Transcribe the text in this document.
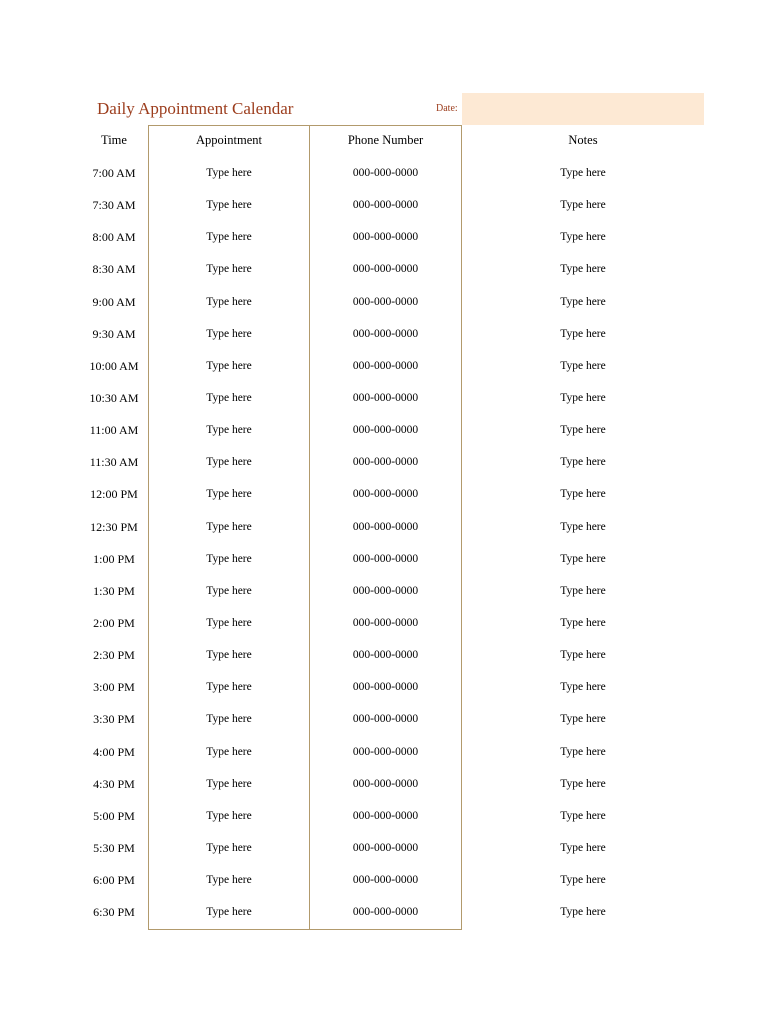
Daily Appointment Calendar	Date:
Time	Appointment	Phone Number	Notes
7:00 AM	Type here	000-000-0000	Type here
7:30 AM	Type here	000-000-0000	Type here
8:00 AM	Type here	000-000-0000	Type here
8:30 AM	Type here	000-000-0000	Type here
9:00 AM	Type here	000-000-0000	Type here
9:30 AM	Type here	000-000-0000	Type here
10:00 AM	Type here	000-000-0000	Type here
10:30 AM	Type here	000-000-0000	Type here
11:00 AM	Type here	000-000-0000	Type here
11:30 AM	Type here	000-000-0000	Type here
12:00 PM	Type here	000-000-0000	Type here
12:30 PM	Type here	000-000-0000	Type here
1:00 PM	Type here	000-000-0000	Type here
1:30 PM	Type here	000-000-0000	Type here
2:00 PM	Type here	000-000-0000	Type here
2:30 PM	Type here	000-000-0000	Type here
3:00 PM	Type here	000-000-0000	Type here
3:30 PM	Type here	000-000-0000	Type here
4:00 PM	Type here	000-000-0000	Type here
4:30 PM	Type here	000-000-0000	Type here
5:00 PM	Type here	000-000-0000	Type here
5:30 PM	Type here	000-000-0000	Type here
6:00 PM	Type here	000-000-0000	Type here
6:30 PM	Type here	000-000-0000	Type here
